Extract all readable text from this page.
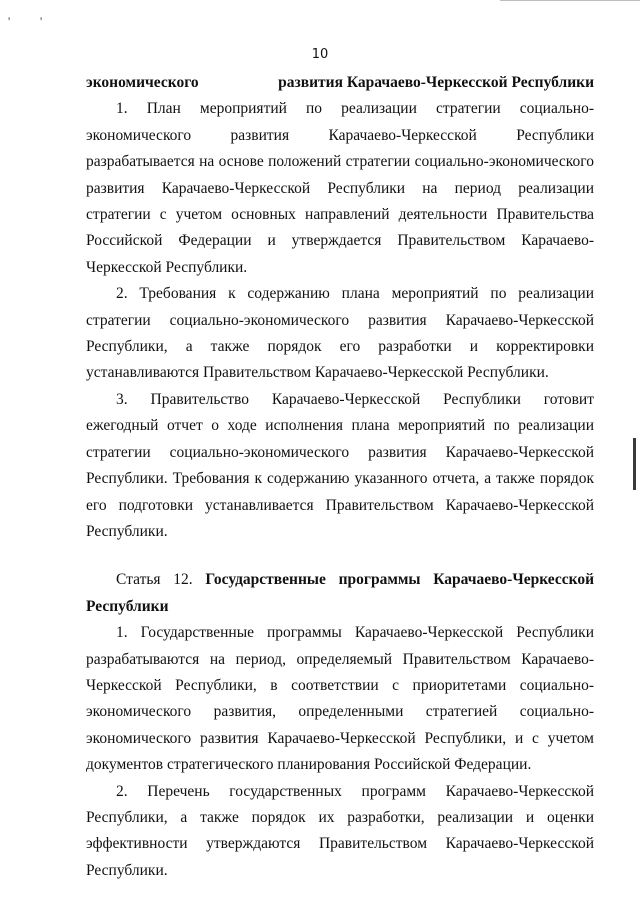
' '
10
экономического	развития Карачаево-Черкесской Республики

1. План мероприятий по реализации стратегии социально-экономического развития Карачаево-Черкесской Республики разрабатывается на основе положений стратегии социально-экономического развития Карачаево-Черкесской Республики на период реализации стратегии с учетом основных направлений деятельности Правительства Российской Федерации и утверждается Правительством Карачаево-Черкесской Республики.

2. Требования к содержанию плана мероприятий по реализации стратегии социально-экономического развития Карачаево-Черкесской Республики, а также порядок его разработки и корректировки устанавливаются Правительством Карачаево-Черкесской Республики.

3. Правительство Карачаево-Черкесской Республики готовит ежегодный отчет о ходе исполнения плана мероприятий по реализации стратегии социально-экономического развития Карачаево-Черкесской Республики. Требования к содержанию указанного отчета, а также порядок его подготовки устанавливается Правительством Карачаево-Черкесской Республики.

Статья 12. Государственные программы Карачаево-Черкесской Республики

1. Государственные программы Карачаево-Черкесской Республики разрабатываются на период, определяемый Правительством Карачаево-Черкесской Республики, в соответствии с приоритетами социально-экономического развития, определенными стратегией социально-экономического развития Карачаево-Черкесской Республики, и с учетом документов стратегического планирования Российской Федерации.

2. Перечень государственных программ Карачаево-Черкесской Республики, а также порядок их разработки, реализации и оценки эффективности утверждаются Правительством Карачаево-Черкесской Республики.
